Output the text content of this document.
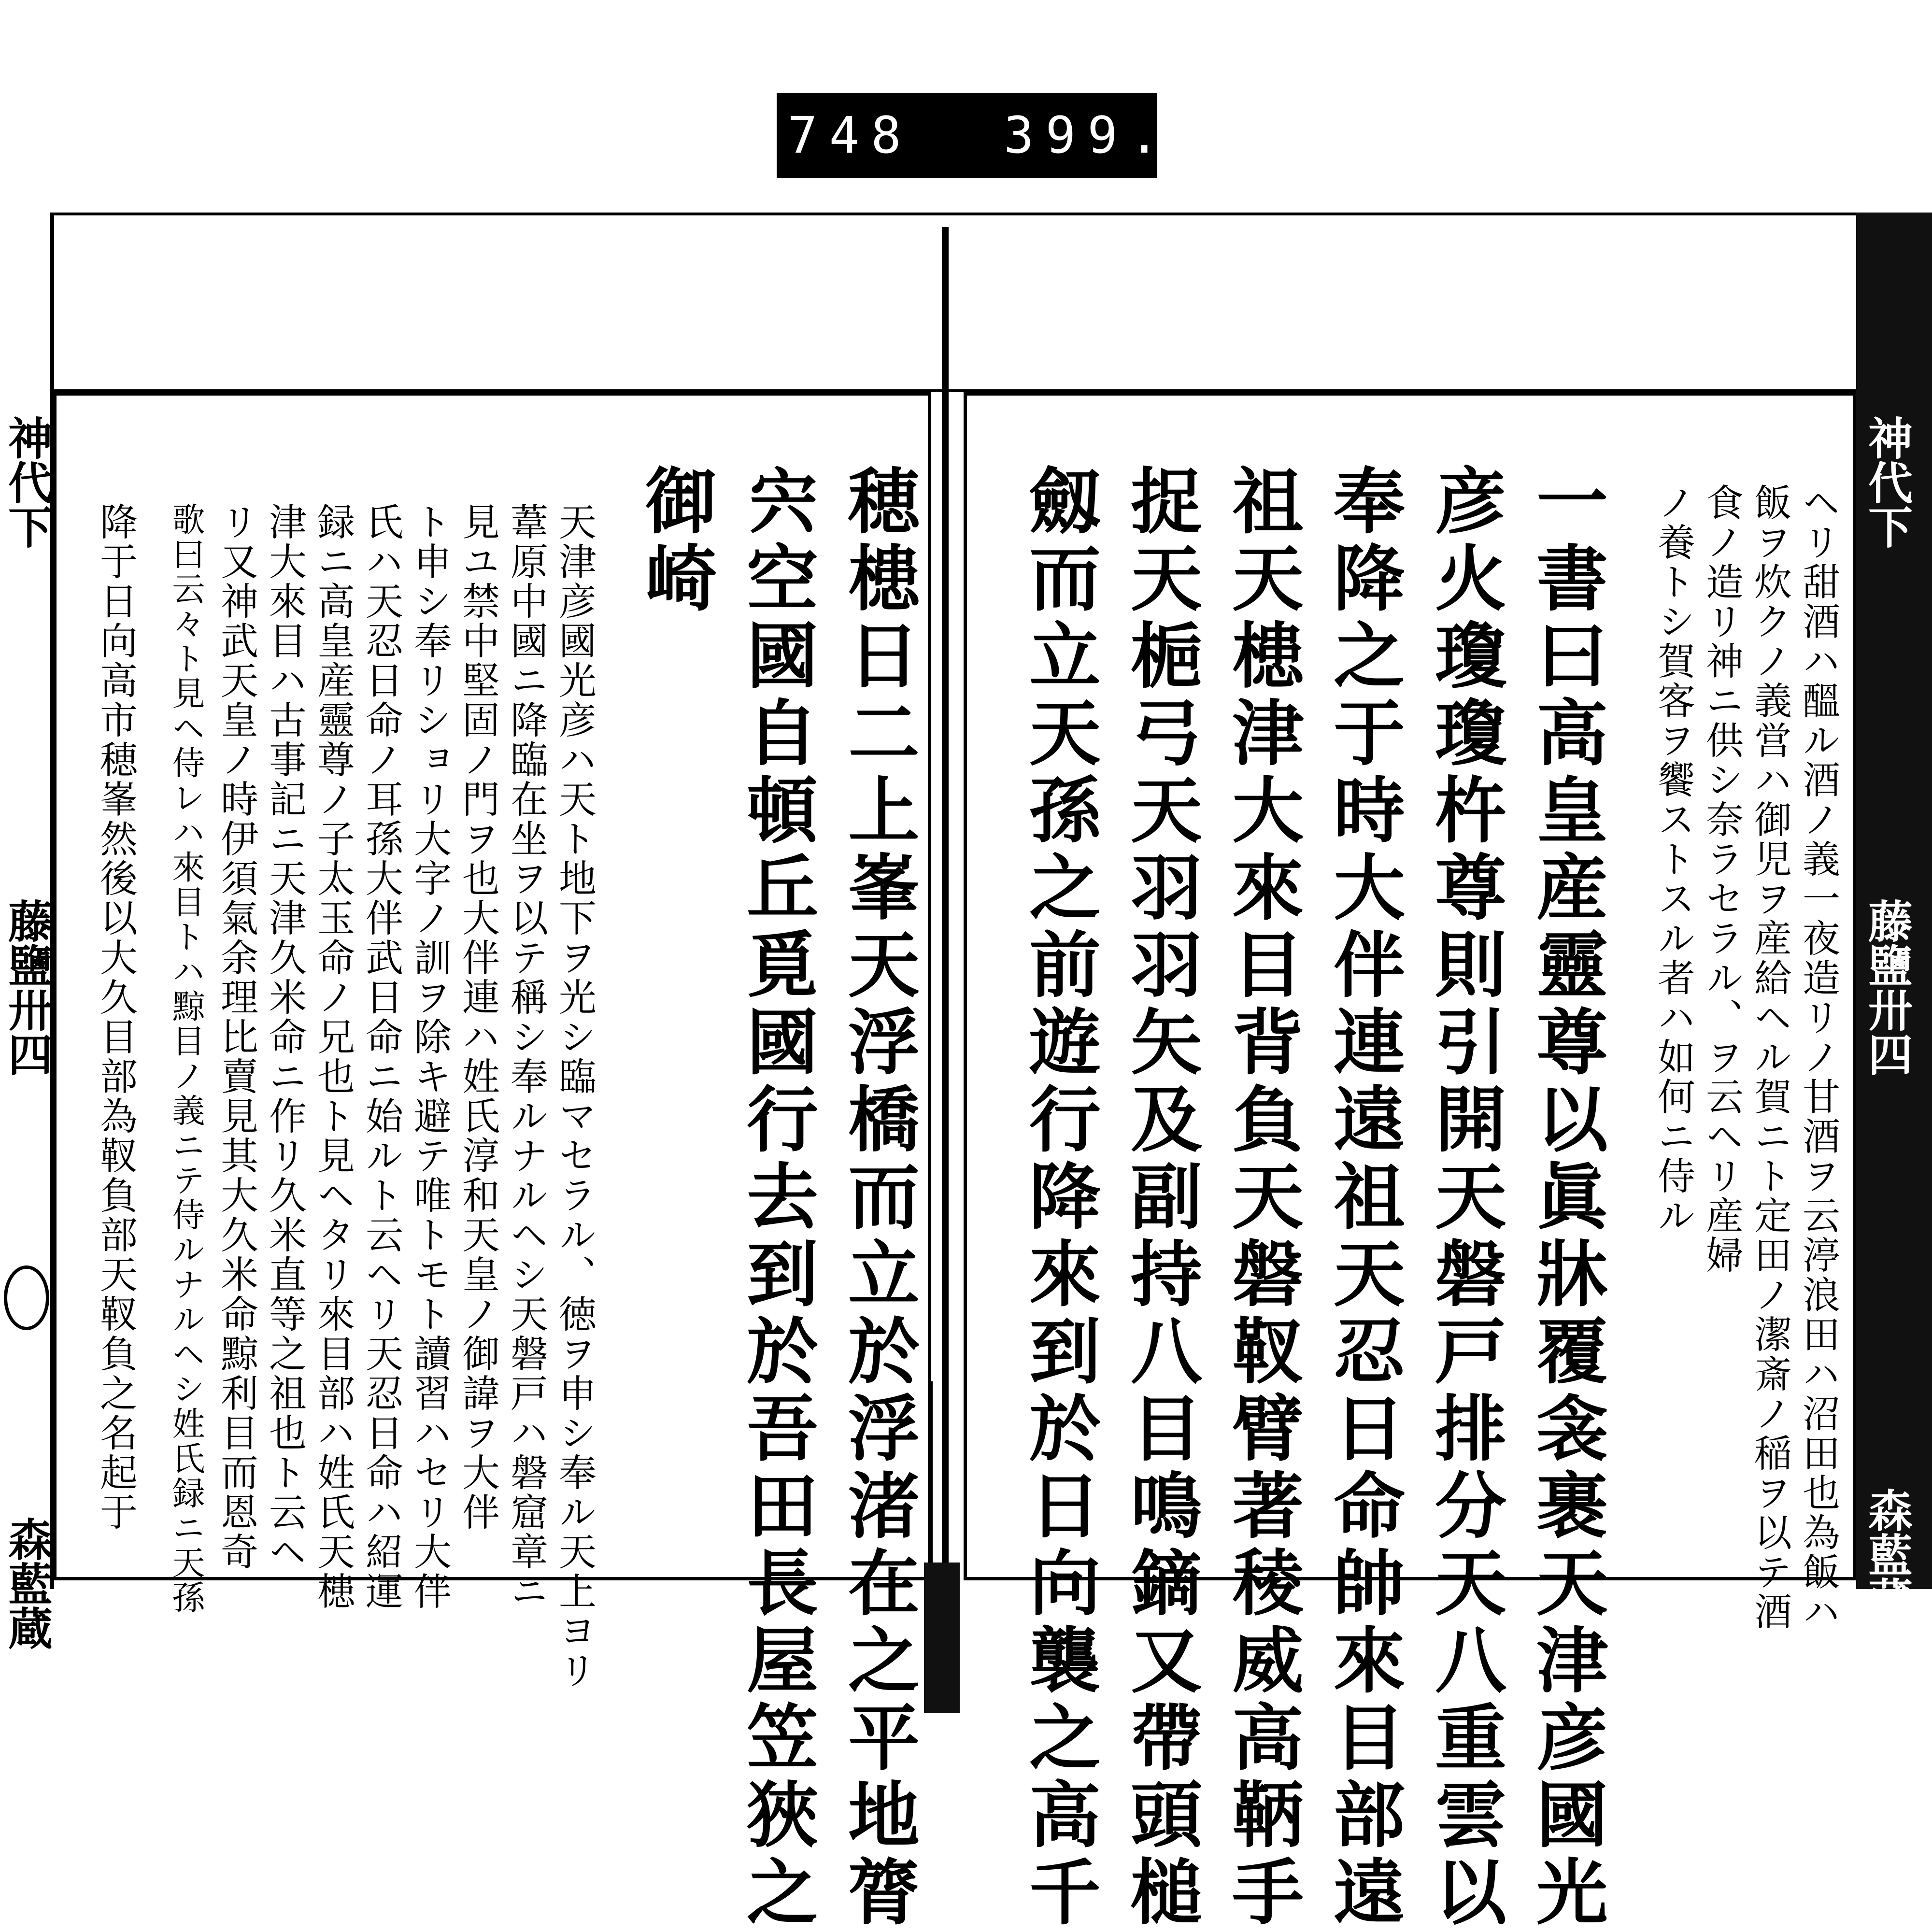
748 399.
神代下
藤鹽卅四
森藍蔵
神代下
藤鹽卅四
森藍蔵
ヘリ甜酒ハ醞ル酒ノ義一夜造リノ甘酒ヲ云渟浪田ハ沼田也為飯ハ
飯ヲ炊クノ義営ハ御児ヲ産給ヘル賀ニト定田ノ潔斎ノ稲ヲ以テ酒
食ノ造リ神ニ供シ奈ラセラル、ヲ云ヘリ産婦
ノ養トシ賀客ヲ饗ストスル者ハ如何ニ侍ル
一書曰高皇産靈尊以眞牀覆衾裹天津彦國光
彦火瓊瓊杵尊則引開天磐戸排分天八重雲以
奉降之于時大伴連遠祖天忍日命帥來目部遠
祖天槵津大來目背負天磐靫臂著稜威高鞆手
捉天梔弓天羽羽矢及副持八目鳴鏑又帶頭槌
劔而立天孫之前遊行降來到於日向襲之高千
穂槵日二上峯天浮橋而立於浮渚在之平地膂
宍空國自頓丘覓國行去到於吾田長屋笠狹之
御崎
天津彦國光彦ハ天ト地下ヲ光シ臨マセラル、徳ヲ申シ奉ル天上ヨリ
葦原中國ニ降臨在坐ヲ以テ稱シ奉ルナルヘシ天磐戸ハ磐窟章ニ
見ユ禁中堅固ノ門ヲ也大伴連ハ姓氏淳和天皇ノ御諱ヲ大伴
ト申シ奉リショリ大字ノ訓ヲ除キ避テ唯トモト讀習ハセリ大伴
氏ハ天忍日命ノ耳孫大伴武日命ニ始ルト云ヘリ天忍日命ハ紹運
録ニ高皇産靈尊ノ子太玉命ノ兄也ト見ヘタリ來目部ハ姓氏天槵
津大來目ハ古事記ニ天津久米命ニ作リ久米直等之祖也ト云ヘ
リ又神武天皇ノ時伊須氣余理比賣見其大久米命黥利目而恩奇
歌曰云々ト見ヘ侍レハ來目トハ黥目ノ義ニテ侍ルナルヘシ姓氏録ニ天孫
降于日向高市穂峯然後以大久目部為靫負部天靫負之名起于
